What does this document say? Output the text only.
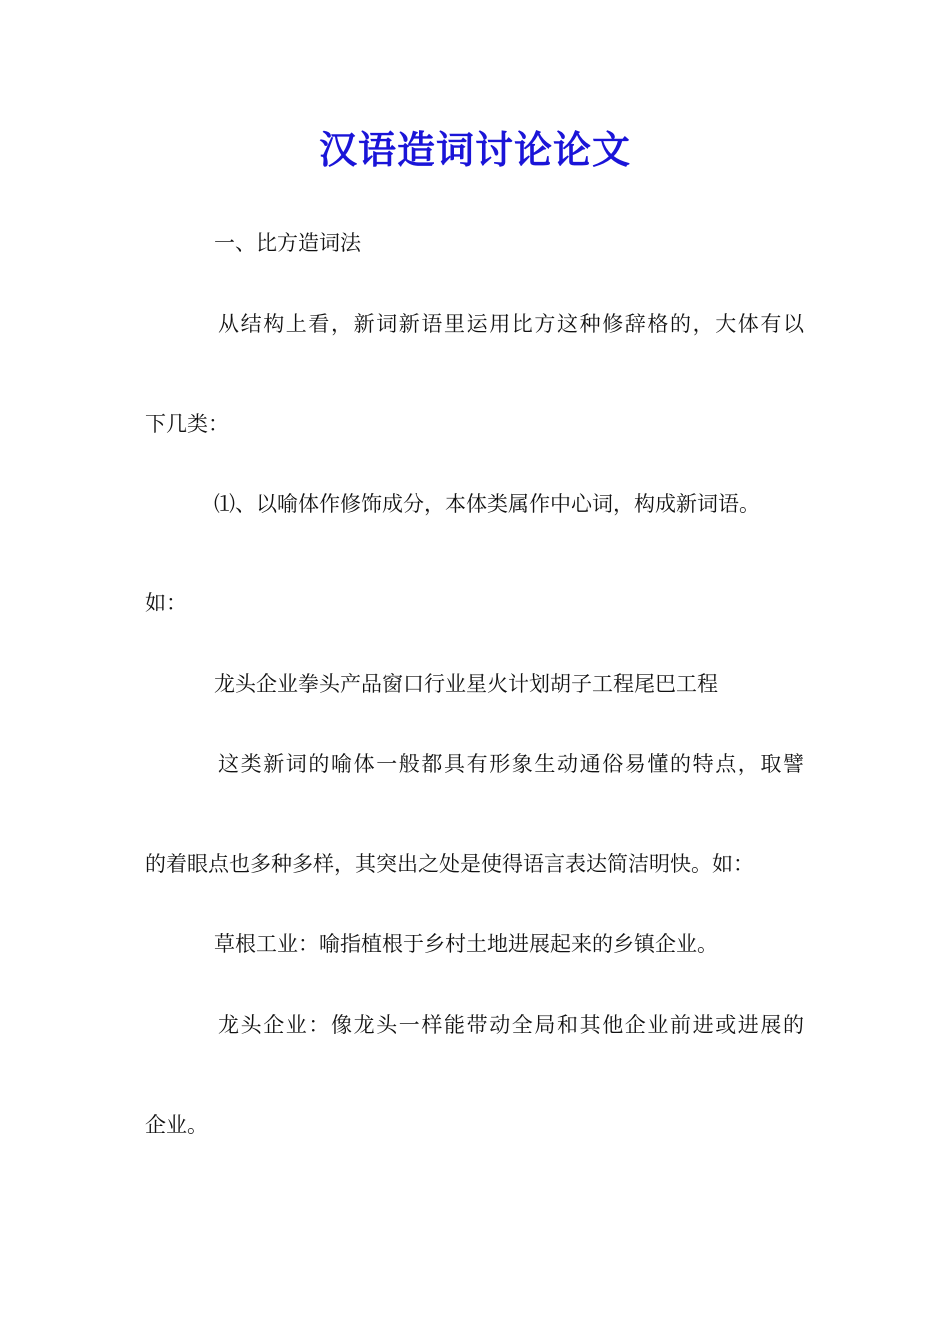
汉语造词讨论论文

一、比方造词法

从结构上看，新词新语里运用比方这种修辞格的，大体有以

下几类：

⑴、以喻体作修饰成分，本体类属作中心词，构成新词语。

如：

龙头企业拳头产品窗口行业星火计划胡子工程尾巴工程

这类新词的喻体一般都具有形象生动通俗易懂的特点，取譬

的着眼点也多种多样，其突出之处是使得语言表达简洁明快。如：

草根工业：喻指植根于乡村土地进展起来的乡镇企业。

龙头企业：像龙头一样能带动全局和其他企业前进或进展的

企业。
